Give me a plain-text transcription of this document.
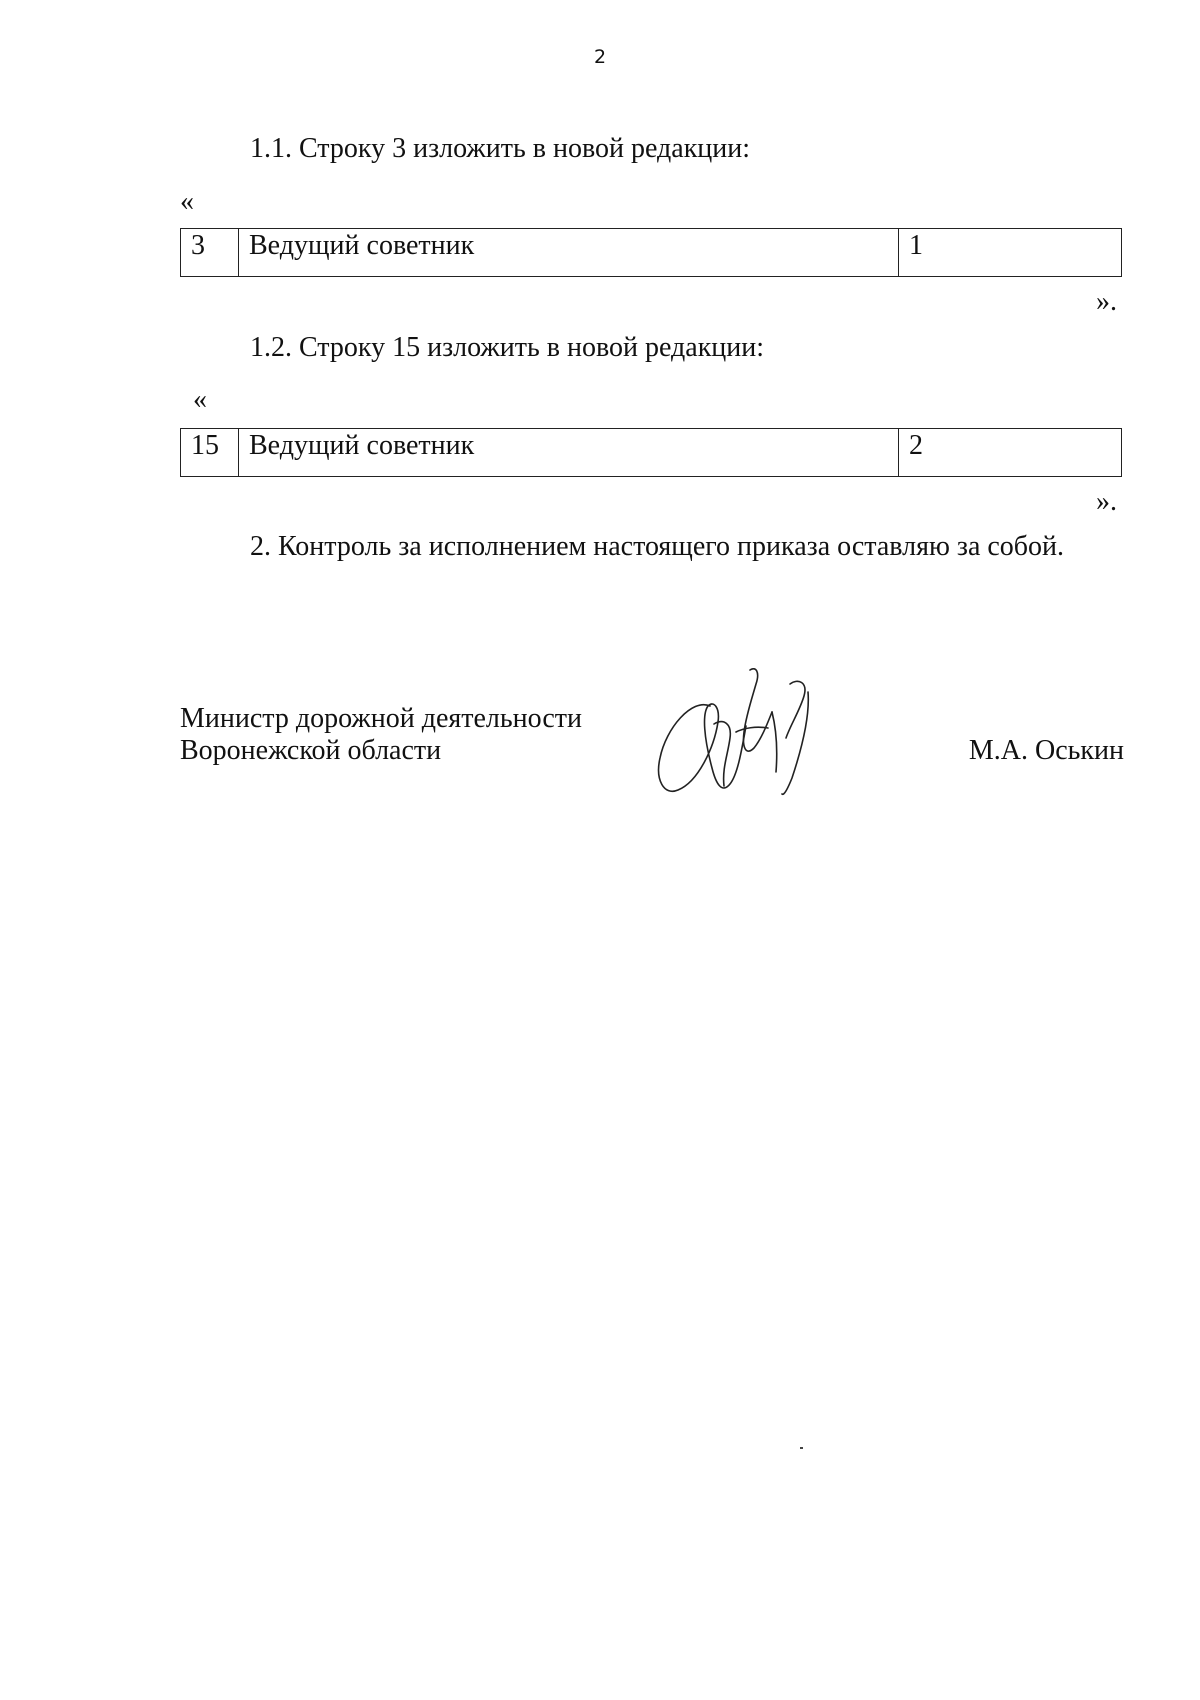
2
1.1. Строку 3 изложить в новой редакции:
«
3	Ведущий советник	1
».
1.2. Строку 15 изложить в новой редакции:
«
15	Ведущий советник	2
».
2. Контроль за исполнением настоящего приказа оставляю за собой.
Министр дорожной деятельности
Воронежской области	М.А. Оськин
